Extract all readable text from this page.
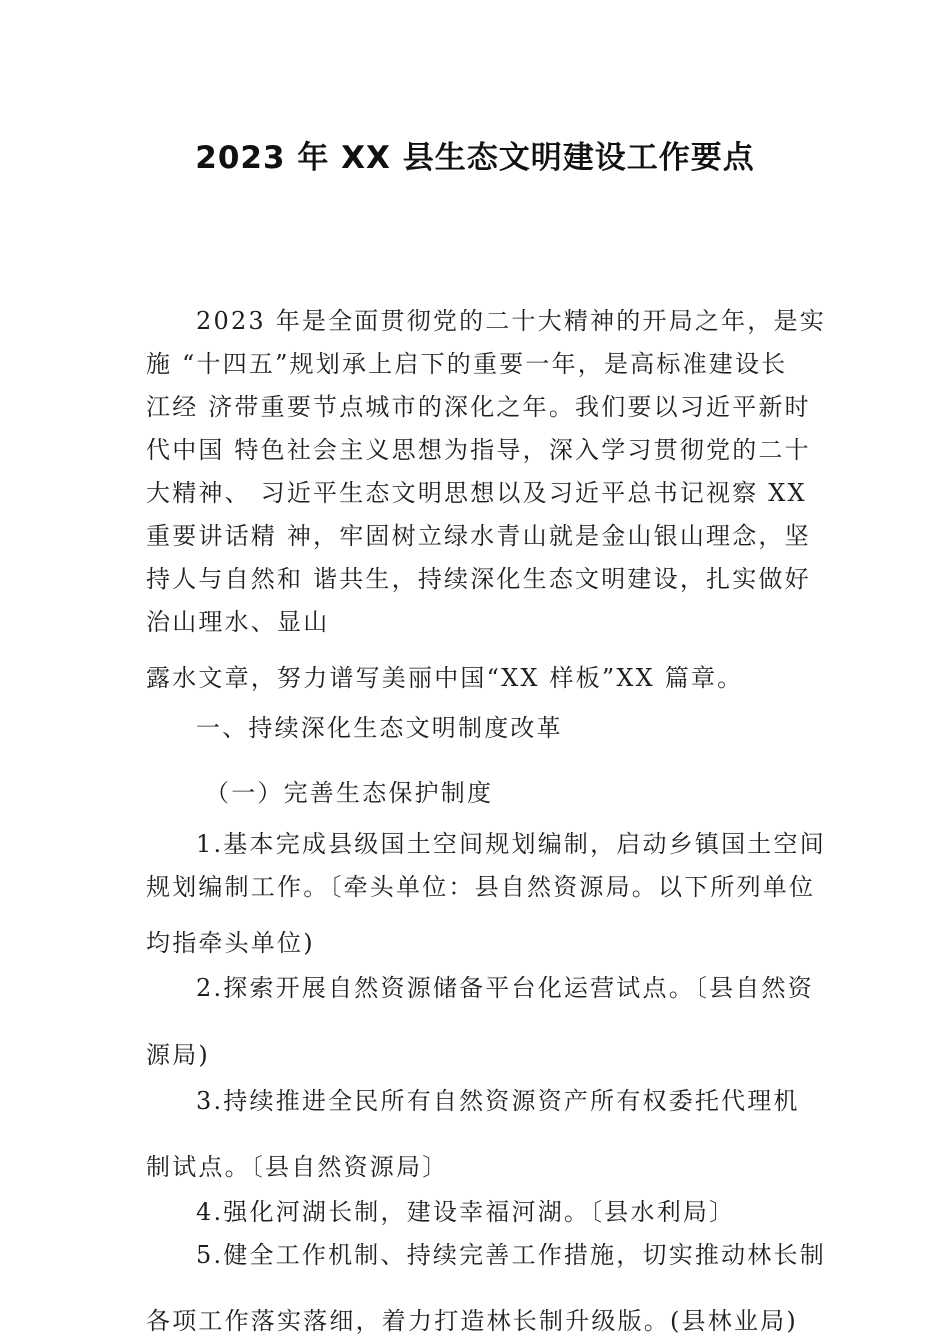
2023 年 XX 县生态文明建设工作要点
2023 年是全面贯彻党的二十大精神的开局之年，是实
施 “十四五”规划承上启下的重要一年，是高标准建设长
江经 济带重要节点城市的深化之年。我们要以习近平新时
代中国 特色社会主义思想为指导，深入学习贯彻党的二十
大精神、 习近平生态文明思想以及习近平总书记视察 XX
重要讲话精 神，牢固树立绿水青山就是金山银山理念，坚
持人与自然和 谐共生，持续深化生态文明建设，扎实做好
治山理水、显山
露水文章，努力谱写美丽中国“XX 样板”XX 篇章。
一、持续深化生态文明制度改革
（一）完善生态保护制度
1.基本完成县级国土空间规划编制，启动乡镇国土空间
规划编制工作。〔牵头单位：县自然资源局。以下所列单位
均指牵头单位)
2.探索开展自然资源储备平台化运营试点。〔县自然资
源局)
3.持续推进全民所有自然资源资产所有权委托代理机
制试点。〔县自然资源局〕
4.强化河湖长制，建设幸福河湖。〔县水利局〕
5.健全工作机制、持续完善工作措施，切实推动林长制
各项工作落实落细，着力打造林长制升级版。(县林业局)
